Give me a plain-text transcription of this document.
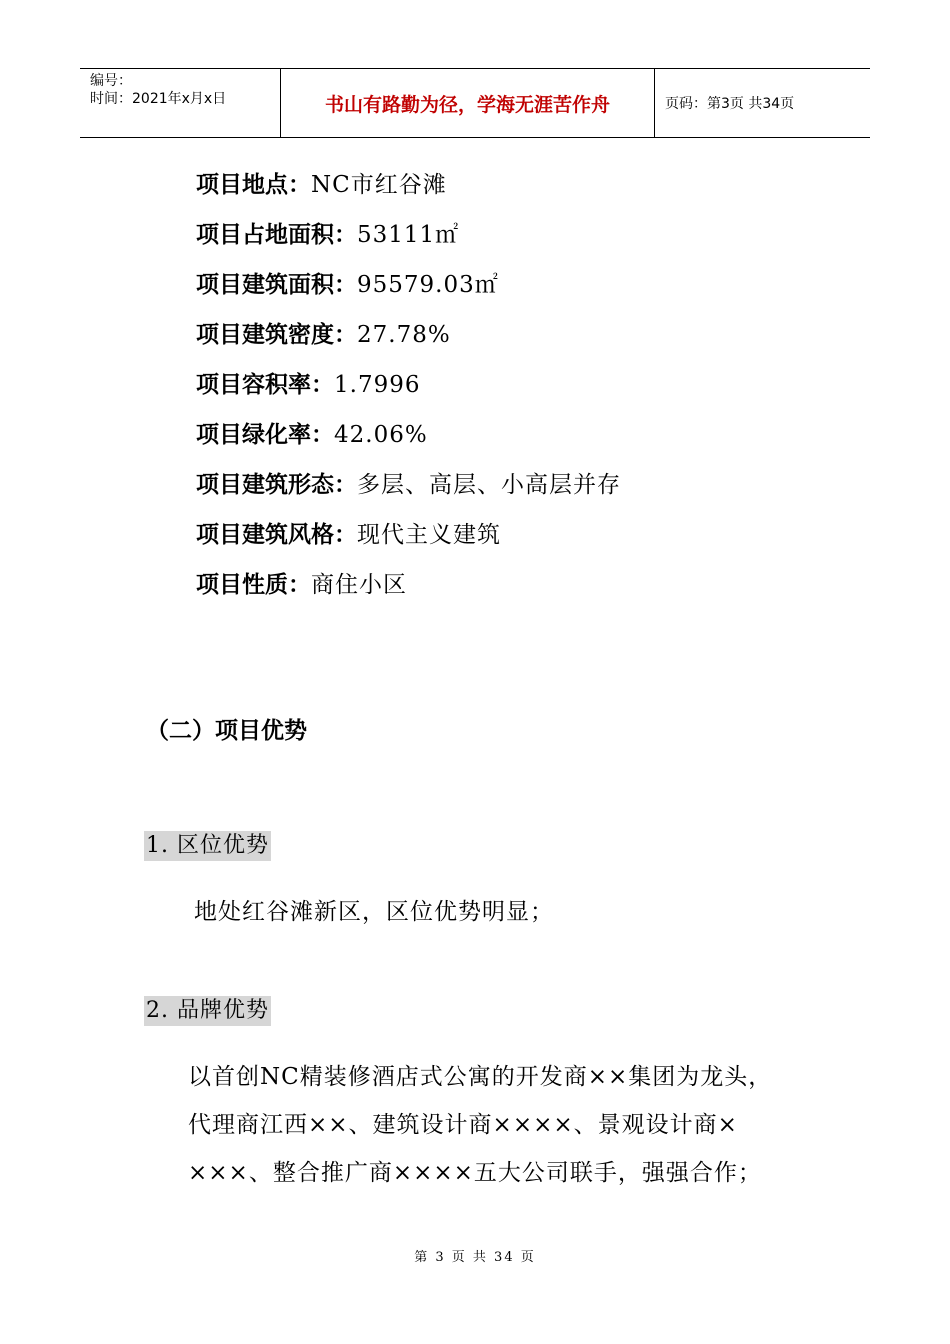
编号：
时间：2021年x月x日	书山有路勤为径，学海无涯苦作舟	页码：第3页 共34页
项目地点：NC市红谷滩
项目占地面积：53111㎡
项目建筑面积：95579.03㎡
项目建筑密度：27.78%
项目容积率：1.7996
项目绿化率：42.06%
项目建筑形态：多层、高层、小高层并存
项目建筑风格：现代主义建筑
项目性质：商住小区
（二）项目优势
1. 区位优势
地处红谷滩新区，区位优势明显；
2. 品牌优势
以首创NC精装修酒店式公寓的开发商××集团为龙头，
代理商江西××、建筑设计商××××、景观设计商×
×××、整合推广商××××五大公司联手，强强合作；
第 3 页 共 34 页
